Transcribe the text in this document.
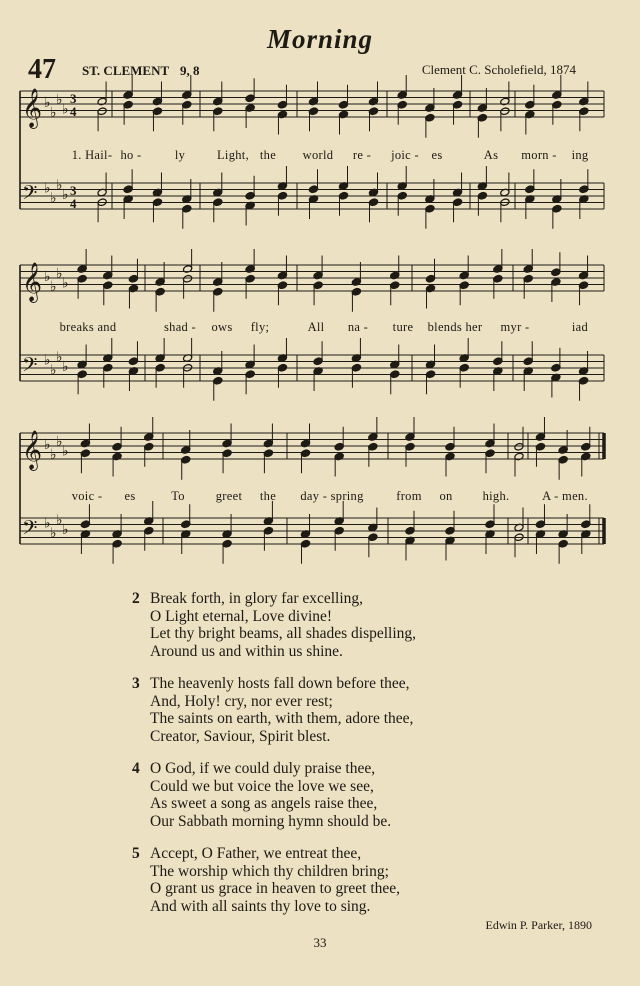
Morning
47 ST. CLEMENT 9, 8	Clement C. Scholefield, 1874
𝄞 ♭
♭
♭
♭
3
4
𝄢 ♭
♭
♭
♭ 3
4
𝄞 ♭
♭
♭
♭
𝄢 ♭
♭
♭
♭
𝄞 ♭
♭
♭
♭
𝄢 ♭
♭
♭
♭
1. Hail- ho -	ly	Light, the world re - joic - es	As morn - ing
breaks and	shad - ows fly;	All na - ture blends her myr -	iad
voic - es	To greet the day - spring	from on high.	A - men.
2 Break forth, in glory far excelling,
O Light eternal, Love divine!
Let thy bright beams, all shades dispelling,
Around us and within us shine.
3 The heavenly hosts fall down before thee,
And, Holy! cry, nor ever rest;
The saints on earth, with them, adore thee,
Creator, Saviour, Spirit blest.
4 O God, if we could duly praise thee,
Could we but voice the love we see,
As sweet a song as angels raise thee,
Our Sabbath morning hymn should be.
5 Accept, O Father, we entreat thee,
The worship which thy children bring;
O grant us grace in heaven to greet thee,
And with all saints thy love to sing.
Edwin P. Parker, 1890
33
